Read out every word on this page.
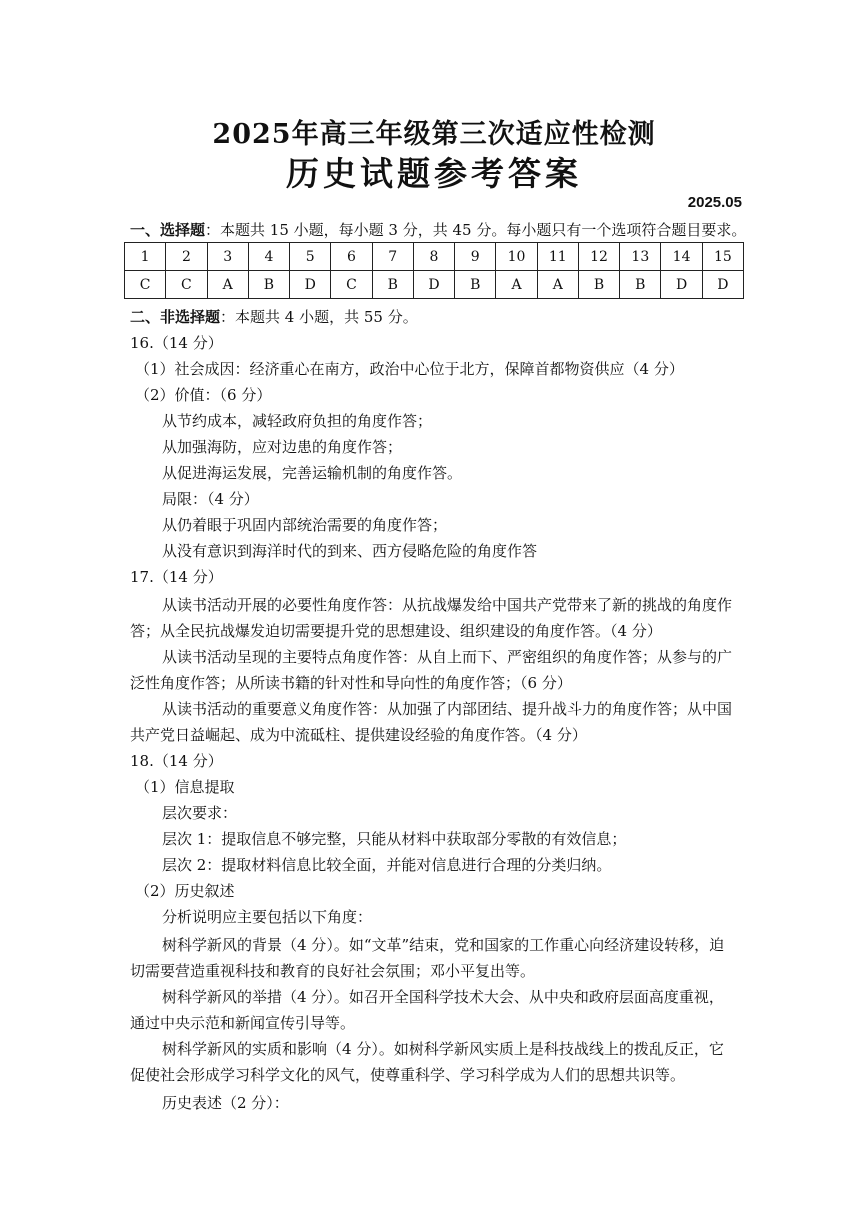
2025年高三年级第三次适应性检测
历史试题参考答案
2025.05
一、选择题：本题共 15 小题，每小题 3 分，共 45 分。每小题只有一个选项符合题目要求。
1	2	3	4	5	6	7	8	9	10	11	12	13	14	15
C	C	A	B	D	C	B	D	B	A	A	B	B	D	D
二、非选择题：本题共 4 小题，共 55 分。
16.（14 分）
（1）社会成因：经济重心在南方，政治中心位于北方，保障首都物资供应（4 分）
（2）价值：（6 分）
从节约成本，减轻政府负担的角度作答；
从加强海防，应对边患的角度作答；
从促进海运发展，完善运输机制的角度作答。
局限：（4 分）
从仍着眼于巩固内部统治需要的角度作答；
从没有意识到海洋时代的到来、西方侵略危险的角度作答
17.（14 分）
从读书活动开展的必要性角度作答：从抗战爆发给中国共产党带来了新的挑战的角度作答；从全民抗战爆发迫切需要提升党的思想建设、组织建设的角度作答。（4 分）
从读书活动呈现的主要特点角度作答：从自上而下、严密组织的角度作答；从参与的广泛性角度作答；从所读书籍的针对性和导向性的角度作答；（6 分）
从读书活动的重要意义角度作答：从加强了内部团结、提升战斗力的角度作答；从中国共产党日益崛起、成为中流砥柱、提供建设经验的角度作答。（4 分）
18.（14 分）
（1）信息提取
层次要求：
层次 1：提取信息不够完整，只能从材料中获取部分零散的有效信息；
层次 2：提取材料信息比较全面，并能对信息进行合理的分类归纳。
（2）历史叙述
分析说明应主要包括以下角度：
树科学新风的背景（4 分）。如“文革”结束，党和国家的工作重心向经济建设转移，迫切需要营造重视科技和教育的良好社会氛围；邓小平复出等。
树科学新风的举措（4 分）。如召开全国科学技术大会、从中央和政府层面高度重视，通过中央示范和新闻宣传引导等。
树科学新风的实质和影响（4 分）。如树科学新风实质上是科技战线上的拨乱反正，它促使社会形成学习科学文化的风气，使尊重科学、学习科学成为人们的思想共识等。
历史表述（2 分）：
